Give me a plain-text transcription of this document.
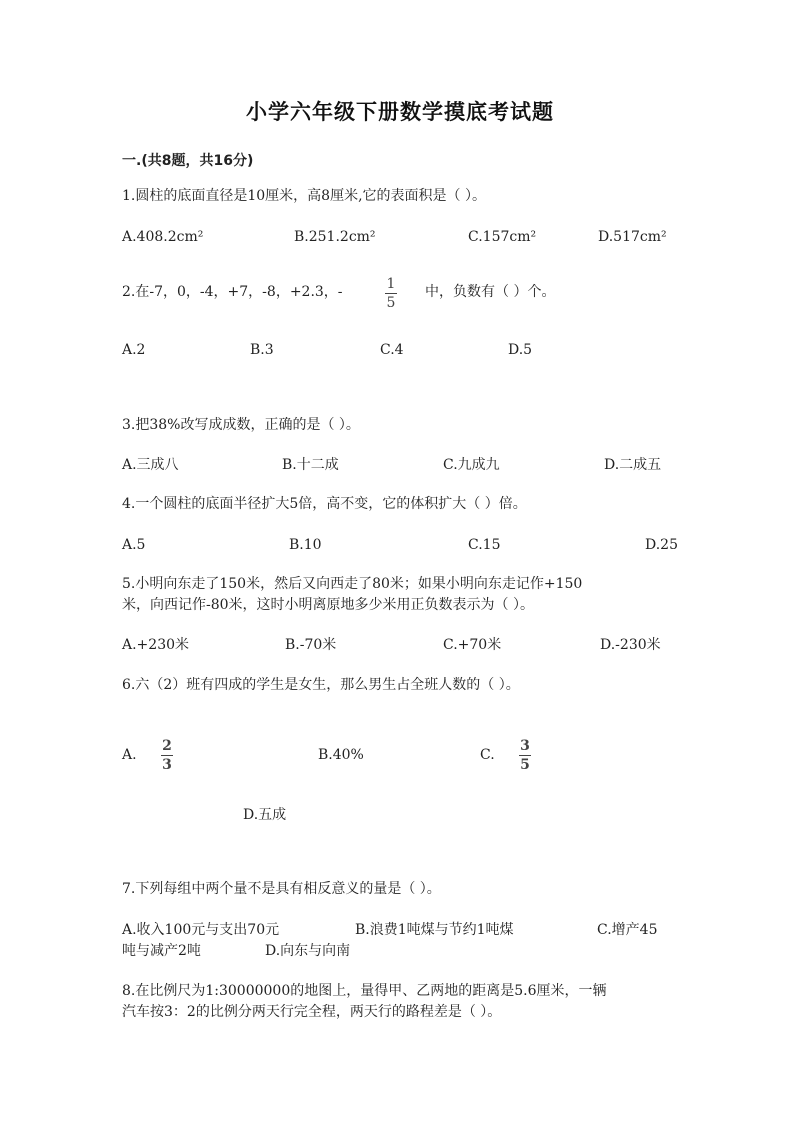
小学六年级下册数学摸底考试题
一.(共8题，共16分)
1.圆柱的底面直径是10厘米，高8厘米,它的表面积是（ ）。
A.408.2cm²	B.251.2cm²	C.157cm²	D.517cm²
2.在-7，0，-4，+7，-8，+2.3，-	1
5
中，负数有（ ）个。
A.2	B.3	C.4	D.5
3.把38%改写成成数，正确的是（ ）。
A.三成八	B.十二成	C.九成九	D.二成五
4.一个圆柱的底面半径扩大5倍，高不变，它的体积扩大（ ）倍。
A.5	B.10	C.15	D.25
5.小明向东走了150米，然后又向西走了80米；如果小明向东走记作+150
米，向西记作-80米，这时小明离原地多少米用正负数表示为（ ）。
A.+230米	B.-70米	C.+70米	D.-230米
6.六（2）班有四成的学生是女生，那么男生占全班人数的（ ）。
A.
2
3
B.40%	C.
3
5
D.五成
7.下列每组中两个量不是具有相反意义的量是（ ）。
A.收入100元与支出70元	B.浪费1吨煤与节约1吨煤	C.增产45
吨与减产2吨	D.向东与向南
8.在比例尺为1:30000000的地图上，量得甲、乙两地的距离是5.6厘米，一辆
汽车按3：2的比例分两天行完全程，两天行的路程差是（ ）。
